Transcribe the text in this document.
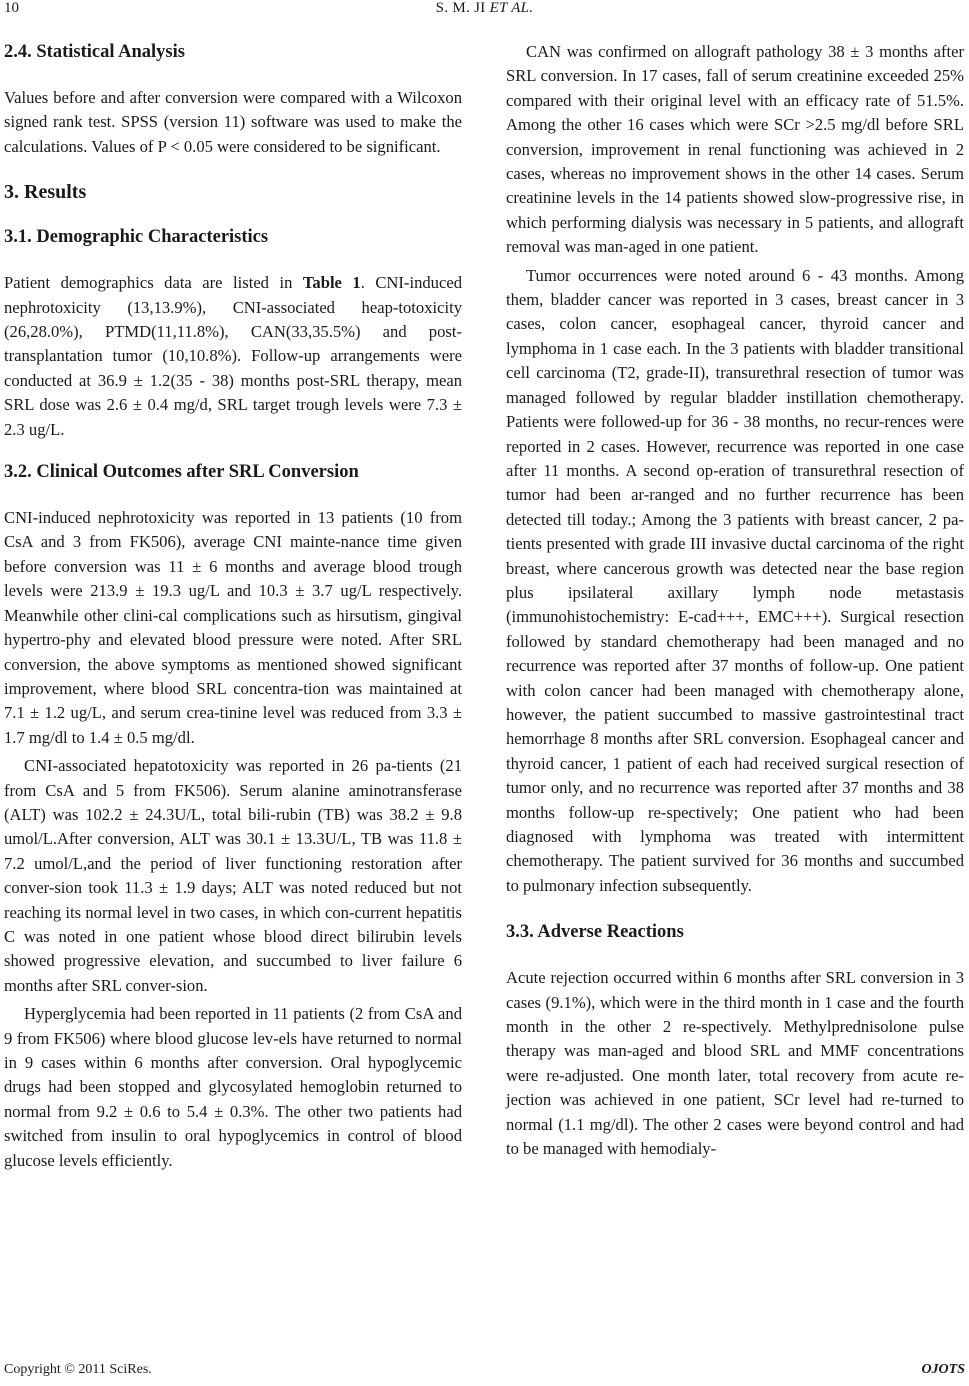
10	S. M. JI ET AL.
2.4. Statistical Analysis

Values before and after conversion were compared with a Wilcoxon signed rank test. SPSS (version 11) software was used to make the calculations. Values of P < 0.05 were considered to be significant.

3. Results
3.1. Demographic Characteristics

Patient demographics data are listed in Table 1. CNI-induced nephrotoxicity (13,13.9%), CNI-associated heap-totoxicity (26,28.0%), PTMD(11,11.8%), CAN(33,35.5%) and post-transplantation tumor (10,10.8%). Follow-up arrangements were conducted at 36.9 ± 1.2(35 - 38) months post-SRL therapy, mean SRL dose was 2.6 ± 0.4 mg/d, SRL target trough levels were 7.3 ± 2.3 ug/L.

3.2. Clinical Outcomes after SRL Conversion

CNI-induced nephrotoxicity was reported in 13 patients (10 from CsA and 3 from FK506), average CNI mainte-nance time given before conversion was 11 ± 6 months and average blood trough levels were 213.9 ± 19.3 ug/L and 10.3 ± 3.7 ug/L respectively. Meanwhile other clini-cal complications such as hirsutism, gingival hypertro-phy and elevated blood pressure were noted. After SRL conversion, the above symptoms as mentioned showed significant improvement, where blood SRL concentra-tion was maintained at 7.1 ± 1.2 ug/L, and serum crea-tinine level was reduced from 3.3 ± 1.7 mg/dl to 1.4 ± 0.5 mg/dl.

CNI-associated hepatotoxicity was reported in 26 pa-tients (21 from CsA and 5 from FK506). Serum alanine aminotransferase (ALT) was 102.2 ± 24.3U/L, total bili-rubin (TB) was 38.2 ± 9.8 umol/L.After conversion, ALT was 30.1 ± 13.3U/L, TB was 11.8 ± 7.2 umol/L,and the period of liver functioning restoration after conver-sion took 11.3 ± 1.9 days; ALT was noted reduced but not reaching its normal level in two cases, in which con-current hepatitis C was noted in one patient whose blood direct bilirubin levels showed progressive elevation, and succumbed to liver failure 6 months after SRL conver-sion.

Hyperglycemia had been reported in 11 patients (2 from CsA and 9 from FK506) where blood glucose lev-els have returned to normal in 9 cases within 6 months after conversion. Oral hypoglycemic drugs had been stopped and glycosylated hemoglobin returned to normal from 9.2 ± 0.6 to 5.4 ± 0.3%. The other two patients had switched from insulin to oral hypoglycemics in control of blood glucose levels efficiently.

CAN was confirmed on allograft pathology 38 ± 3 months after SRL conversion. In 17 cases, fall of serum creatinine exceeded 25% compared with their original level with an efficacy rate of 51.5%. Among the other 16 cases which were SCr >2.5 mg/dl before SRL conversion, improvement in renal functioning was achieved in 2 cases, whereas no improvement shows in the other 14 cases. Serum creatinine levels in the 14 patients showed slow-progressive rise, in which performing dialysis was necessary in 5 patients, and allograft removal was man-aged in one patient.

Tumor occurrences were noted around 6 - 43 months. Among them, bladder cancer was reported in 3 cases, breast cancer in 3 cases, colon cancer, esophageal cancer, thyroid cancer and lymphoma in 1 case each. In the 3 patients with bladder transitional cell carcinoma (T2, grade-II), transurethral resection of tumor was managed followed by regular bladder instillation chemotherapy. Patients were followed-up for 36 - 38 months, no recur-rences were reported in 2 cases. However, recurrence was reported in one case after 11 months. A second op-eration of transurethral resection of tumor had been ar-ranged and no further recurrence has been detected till today.; Among the 3 patients with breast cancer, 2 pa-tients presented with grade III invasive ductal carcinoma of the right breast, where cancerous growth was detected near the base region plus ipsilateral axillary lymph node metastasis (immunohistochemistry: E-cad+++, EMC+++). Surgical resection followed by standard chemotherapy had been managed and no recurrence was reported after 37 months of follow-up. One patient with colon cancer had been managed with chemotherapy alone, however, the patient succumbed to massive gastrointestinal tract hemorrhage 8 months after SRL conversion. Esophageal cancer and thyroid cancer, 1 patient of each had received surgical resection of tumor only, and no recurrence was reported after 37 months and 38 months follow-up re-spectively; One patient who had been diagnosed with lymphoma was treated with intermittent chemotherapy. The patient survived for 36 months and succumbed to pulmonary infection subsequently.

3.3. Adverse Reactions

Acute rejection occurred within 6 months after SRL conversion in 3 cases (9.1%), which were in the third month in 1 case and the fourth month in the other 2 re-spectively. Methylprednisolone pulse therapy was man-aged and blood SRL and MMF concentrations were re-adjusted. One month later, total recovery from acute re-jection was achieved in one patient, SCr level had re-turned to normal (1.1 mg/dl). The other 2 cases were beyond control and had to be managed with hemodialy-

Copyright © 2011 SciRes.	OJOTS
